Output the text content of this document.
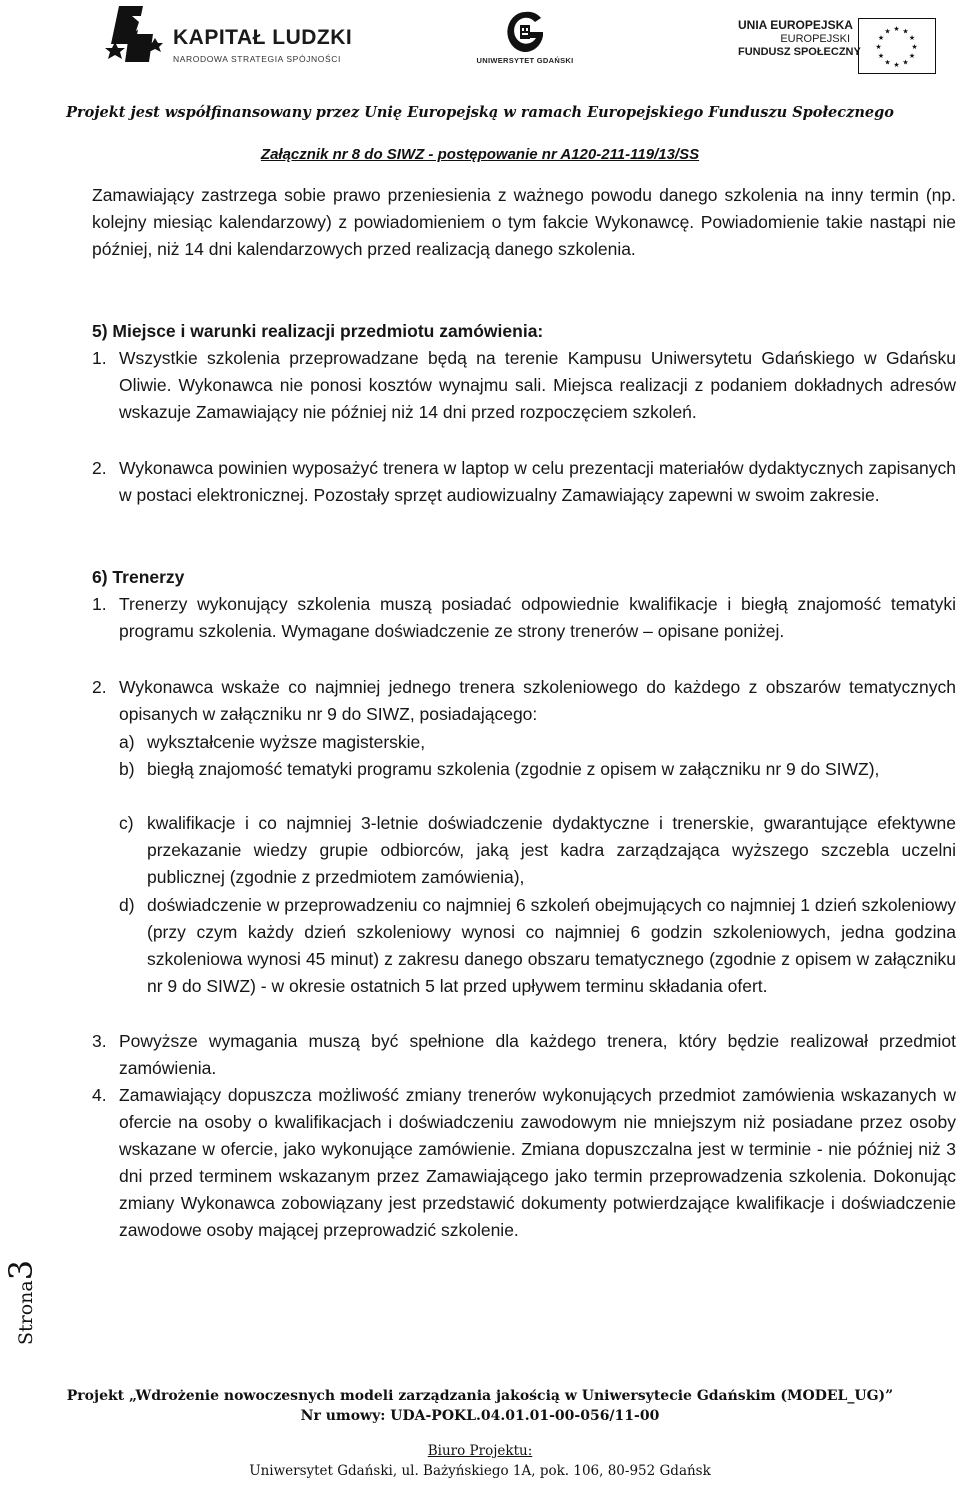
KAPITAŁ LUDZKI
NARODOWA STRATEGIA SPÓJNOŚCI	UNIWERSYTET GDAŃSKI
UNIA EUROPEJSKA
EUROPEJSKI
FUNDUSZ SPOŁECZNY
★ ★
★
★
★
★
★
★
★
★
★
★
Projekt jest współfinansowany przez Unię Europejską w ramach Europejskiego Funduszu Społecznego
Załącznik nr 8 do SIWZ - postępowanie nr A120-211-119/13/SS
Zamawiający zastrzega sobie prawo przeniesienia z ważnego powodu danego szkolenia na inny termin (np. kolejny miesiąc kalendarzowy) z powiadomieniem o tym fakcie Wykonawcę. Powiadomienie takie nastąpi nie później, niż 14 dni kalendarzowych przed realizacją danego szkolenia.
5) Miejsce i warunki realizacji przedmiotu zamówienia:
1. Wszystkie szkolenia przeprowadzane będą na terenie Kampusu Uniwersytetu Gdańskiego w Gdańsku Oliwie. Wykonawca nie ponosi kosztów wynajmu sali. Miejsca realizacji z podaniem dokładnych adresów wskazuje Zamawiający nie później niż 14 dni przed rozpoczęciem szkoleń.
2. Wykonawca powinien wyposażyć trenera w laptop w celu prezentacji materiałów dydaktycznych zapisanych w postaci elektronicznej. Pozostały sprzęt audiowizualny Zamawiający zapewni w swoim zakresie.
6) Trenerzy
1. Trenerzy wykonujący szkolenia muszą posiadać odpowiednie kwalifikacje i biegłą znajomość tematyki programu szkolenia. Wymagane doświadczenie ze strony trenerów – opisane poniżej.
2. Wykonawca wskaże co najmniej jednego trenera szkoleniowego do każdego z obszarów tematycznych opisanych w załączniku nr 9 do SIWZ, posiadającego:
a) wykształcenie wyższe magisterskie,
b) biegłą znajomość tematyki programu szkolenia (zgodnie z opisem w załączniku nr 9 do SIWZ),
c) kwalifikacje i co najmniej 3-letnie doświadczenie dydaktyczne i trenerskie, gwarantujące efektywne przekazanie wiedzy grupie odbiorców, jaką jest kadra zarządzająca wyższego szczebla uczelni publicznej (zgodnie z przedmiotem zamówienia),
d) doświadczenie w przeprowadzeniu co najmniej 6 szkoleń obejmujących co najmniej 1 dzień szkoleniowy (przy czym każdy dzień szkoleniowy wynosi co najmniej 6 godzin szkoleniowych, jedna godzina szkoleniowa wynosi 45 minut) z zakresu danego obszaru tematycznego (zgodnie z opisem w załączniku nr 9 do SIWZ) - w okresie ostatnich 5 lat przed upływem terminu składania ofert.
3. Powyższe wymagania muszą być spełnione dla każdego trenera, który będzie realizował przedmiot zamówienia.
4. Zamawiający dopuszcza możliwość zmiany trenerów wykonujących przedmiot zamówienia wskazanych w ofercie na osoby o kwalifikacjach i doświadczeniu zawodowym nie mniejszym niż posiadane przez osoby wskazane w ofercie, jako wykonujące zamówienie. Zmiana dopuszczalna jest w terminie - nie później niż 3 dni przed terminem wskazanym przez Zamawiającego jako termin przeprowadzenia szkolenia. Dokonując zmiany Wykonawca zobowiązany jest przedstawić dokumenty potwierdzające kwalifikacje i doświadczenie zawodowe osoby mającej przeprowadzić szkolenie.
Strona3
Projekt „Wdrożenie nowoczesnych modeli zarządzania jakością w Uniwersytecie Gdańskim (MODEL_UG)”
Nr umowy: UDA-POKL.04.01.01-00-056/11-00
Biuro Projektu:
Uniwersytet Gdański, ul. Bażyńskiego 1A, pok. 106, 80-952 Gdańsk
